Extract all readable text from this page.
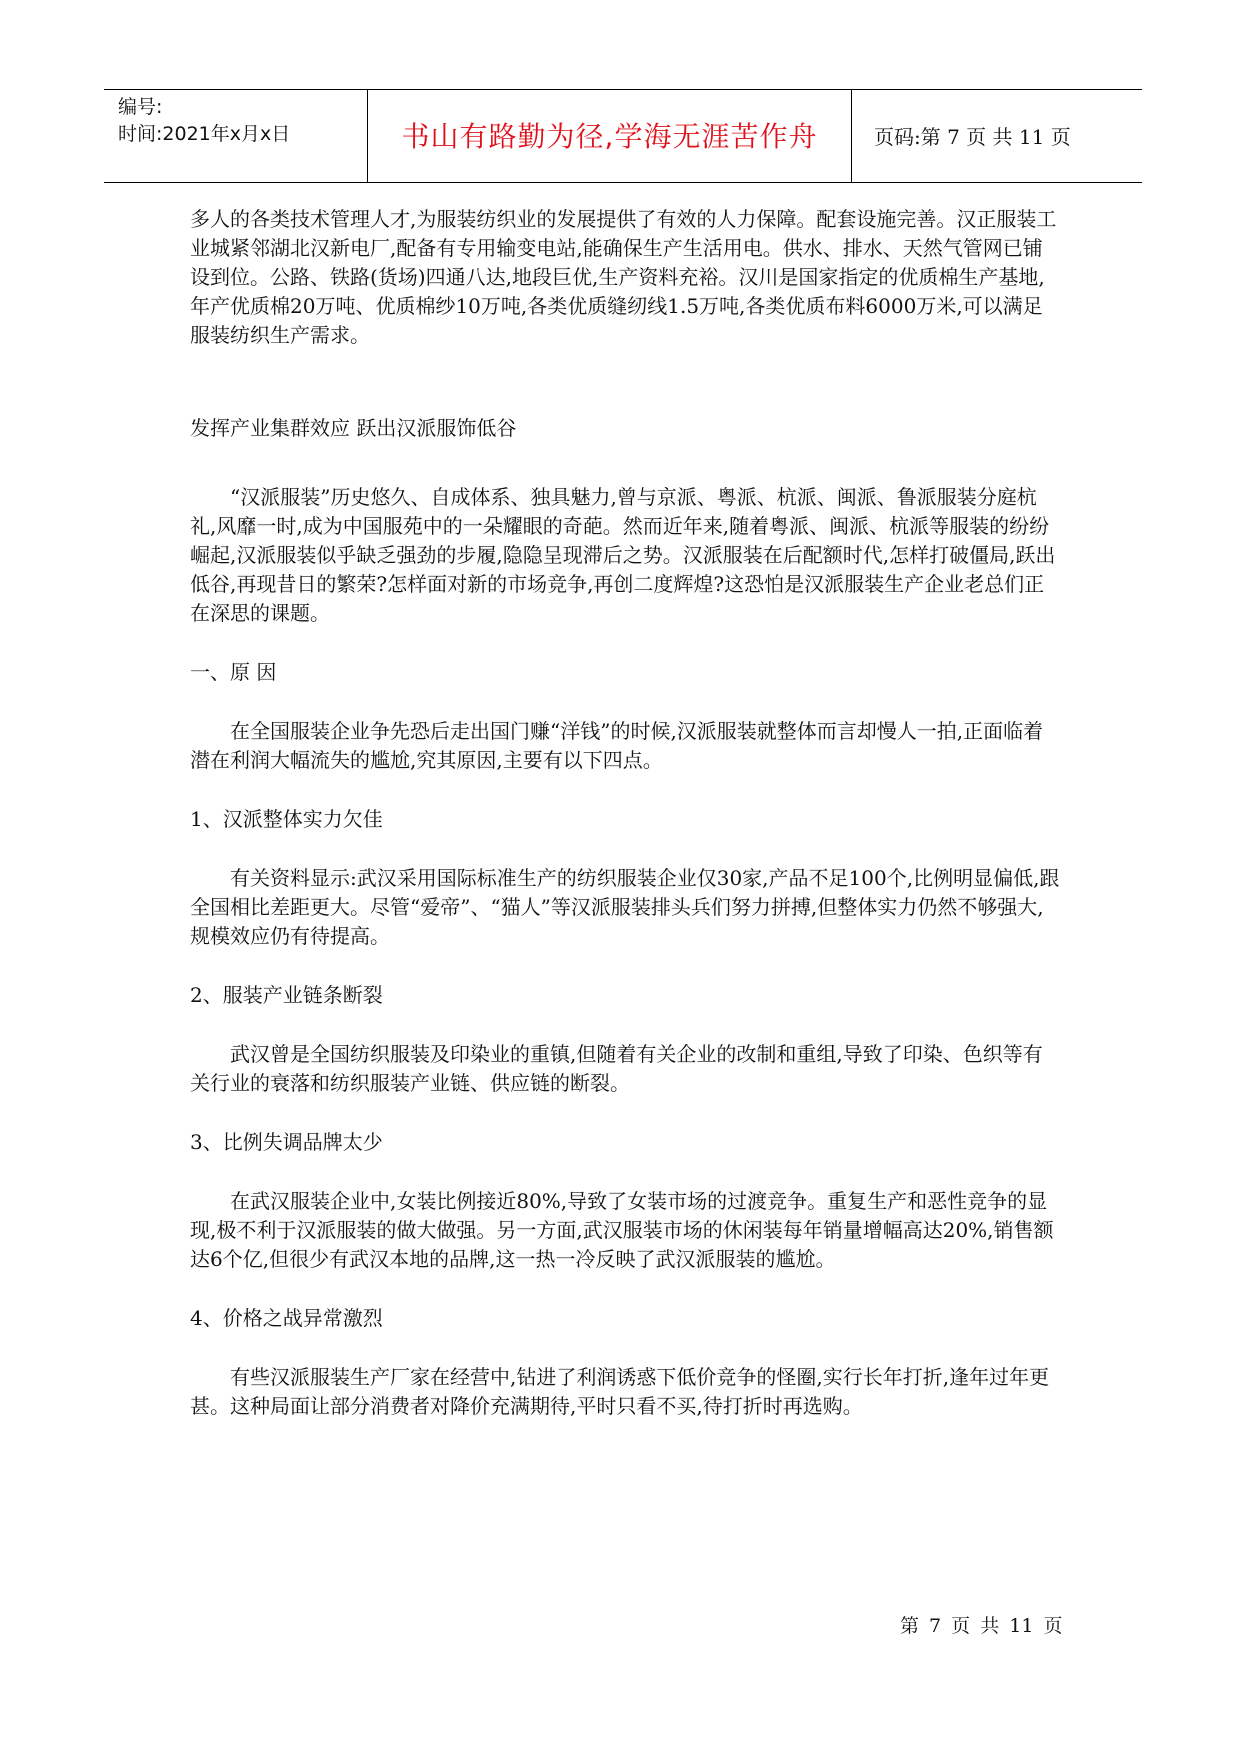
编号:
时间:2021年x月x日	书山有路勤为径,学海无涯苦作舟	页码:第 7 页 共 11 页

多人的各类技术管理人才,为服装纺织业的发展提供了有效的人力保障。配套设施完善。汉正服装工业城紧邻湖北汉新电厂,配备有专用输变电站,能确保生产生活用电。供水、排水、天然气管网已铺设到位。公路、铁路(货场)四通八达,地段巨优,生产资料充裕。汉川是国家指定的优质棉生产基地,年产优质棉20万吨、优质棉纱10万吨,各类优质缝纫线1.5万吨,各类优质布料6000万米,可以满足服装纺织生产需求。

发挥产业集群效应 跃出汉派服饰低谷

“汉派服装”历史悠久、自成体系、独具魅力,曾与京派、粤派、杭派、闽派、鲁派服装分庭杭礼,风靡一时,成为中国服苑中的一朵耀眼的奇葩。然而近年来,随着粤派、闽派、杭派等服装的纷纷崛起,汉派服装似乎缺乏强劲的步履,隐隐呈现滞后之势。汉派服装在后配额时代,怎样打破僵局,跃出低谷,再现昔日的繁荣?怎样面对新的市场竞争,再创二度辉煌?这恐怕是汉派服装生产企业老总们正在深思的课题。

一、原 因

在全国服装企业争先恐后走出国门赚“洋钱”的时候,汉派服装就整体而言却慢人一拍,正面临着潜在利润大幅流失的尴尬,究其原因,主要有以下四点。

1、汉派整体实力欠佳

有关资料显示:武汉采用国际标准生产的纺织服装企业仅30家,产品不足100个,比例明显偏低,跟全国相比差距更大。尽管“爱帝”、“猫人”等汉派服装排头兵们努力拼搏,但整体实力仍然不够强大,规模效应仍有待提高。

2、服装产业链条断裂

武汉曾是全国纺织服装及印染业的重镇,但随着有关企业的改制和重组,导致了印染、色织等有关行业的衰落和纺织服装产业链、供应链的断裂。

3、比例失调品牌太少

在武汉服装企业中,女装比例接近80%,导致了女装市场的过渡竞争。重复生产和恶性竞争的显现,极不利于汉派服装的做大做强。另一方面,武汉服装市场的休闲装每年销量增幅高达20%,销售额达6个亿,但很少有武汉本地的品牌,这一热一冷反映了武汉派服装的尴尬。

4、价格之战异常激烈

有些汉派服装生产厂家在经营中,钻进了利润诱惑下低价竞争的怪圈,实行长年打折,逢年过年更甚。这种局面让部分消费者对降价充满期待,平时只看不买,待打折时再选购。

第 7 页 共 11 页
